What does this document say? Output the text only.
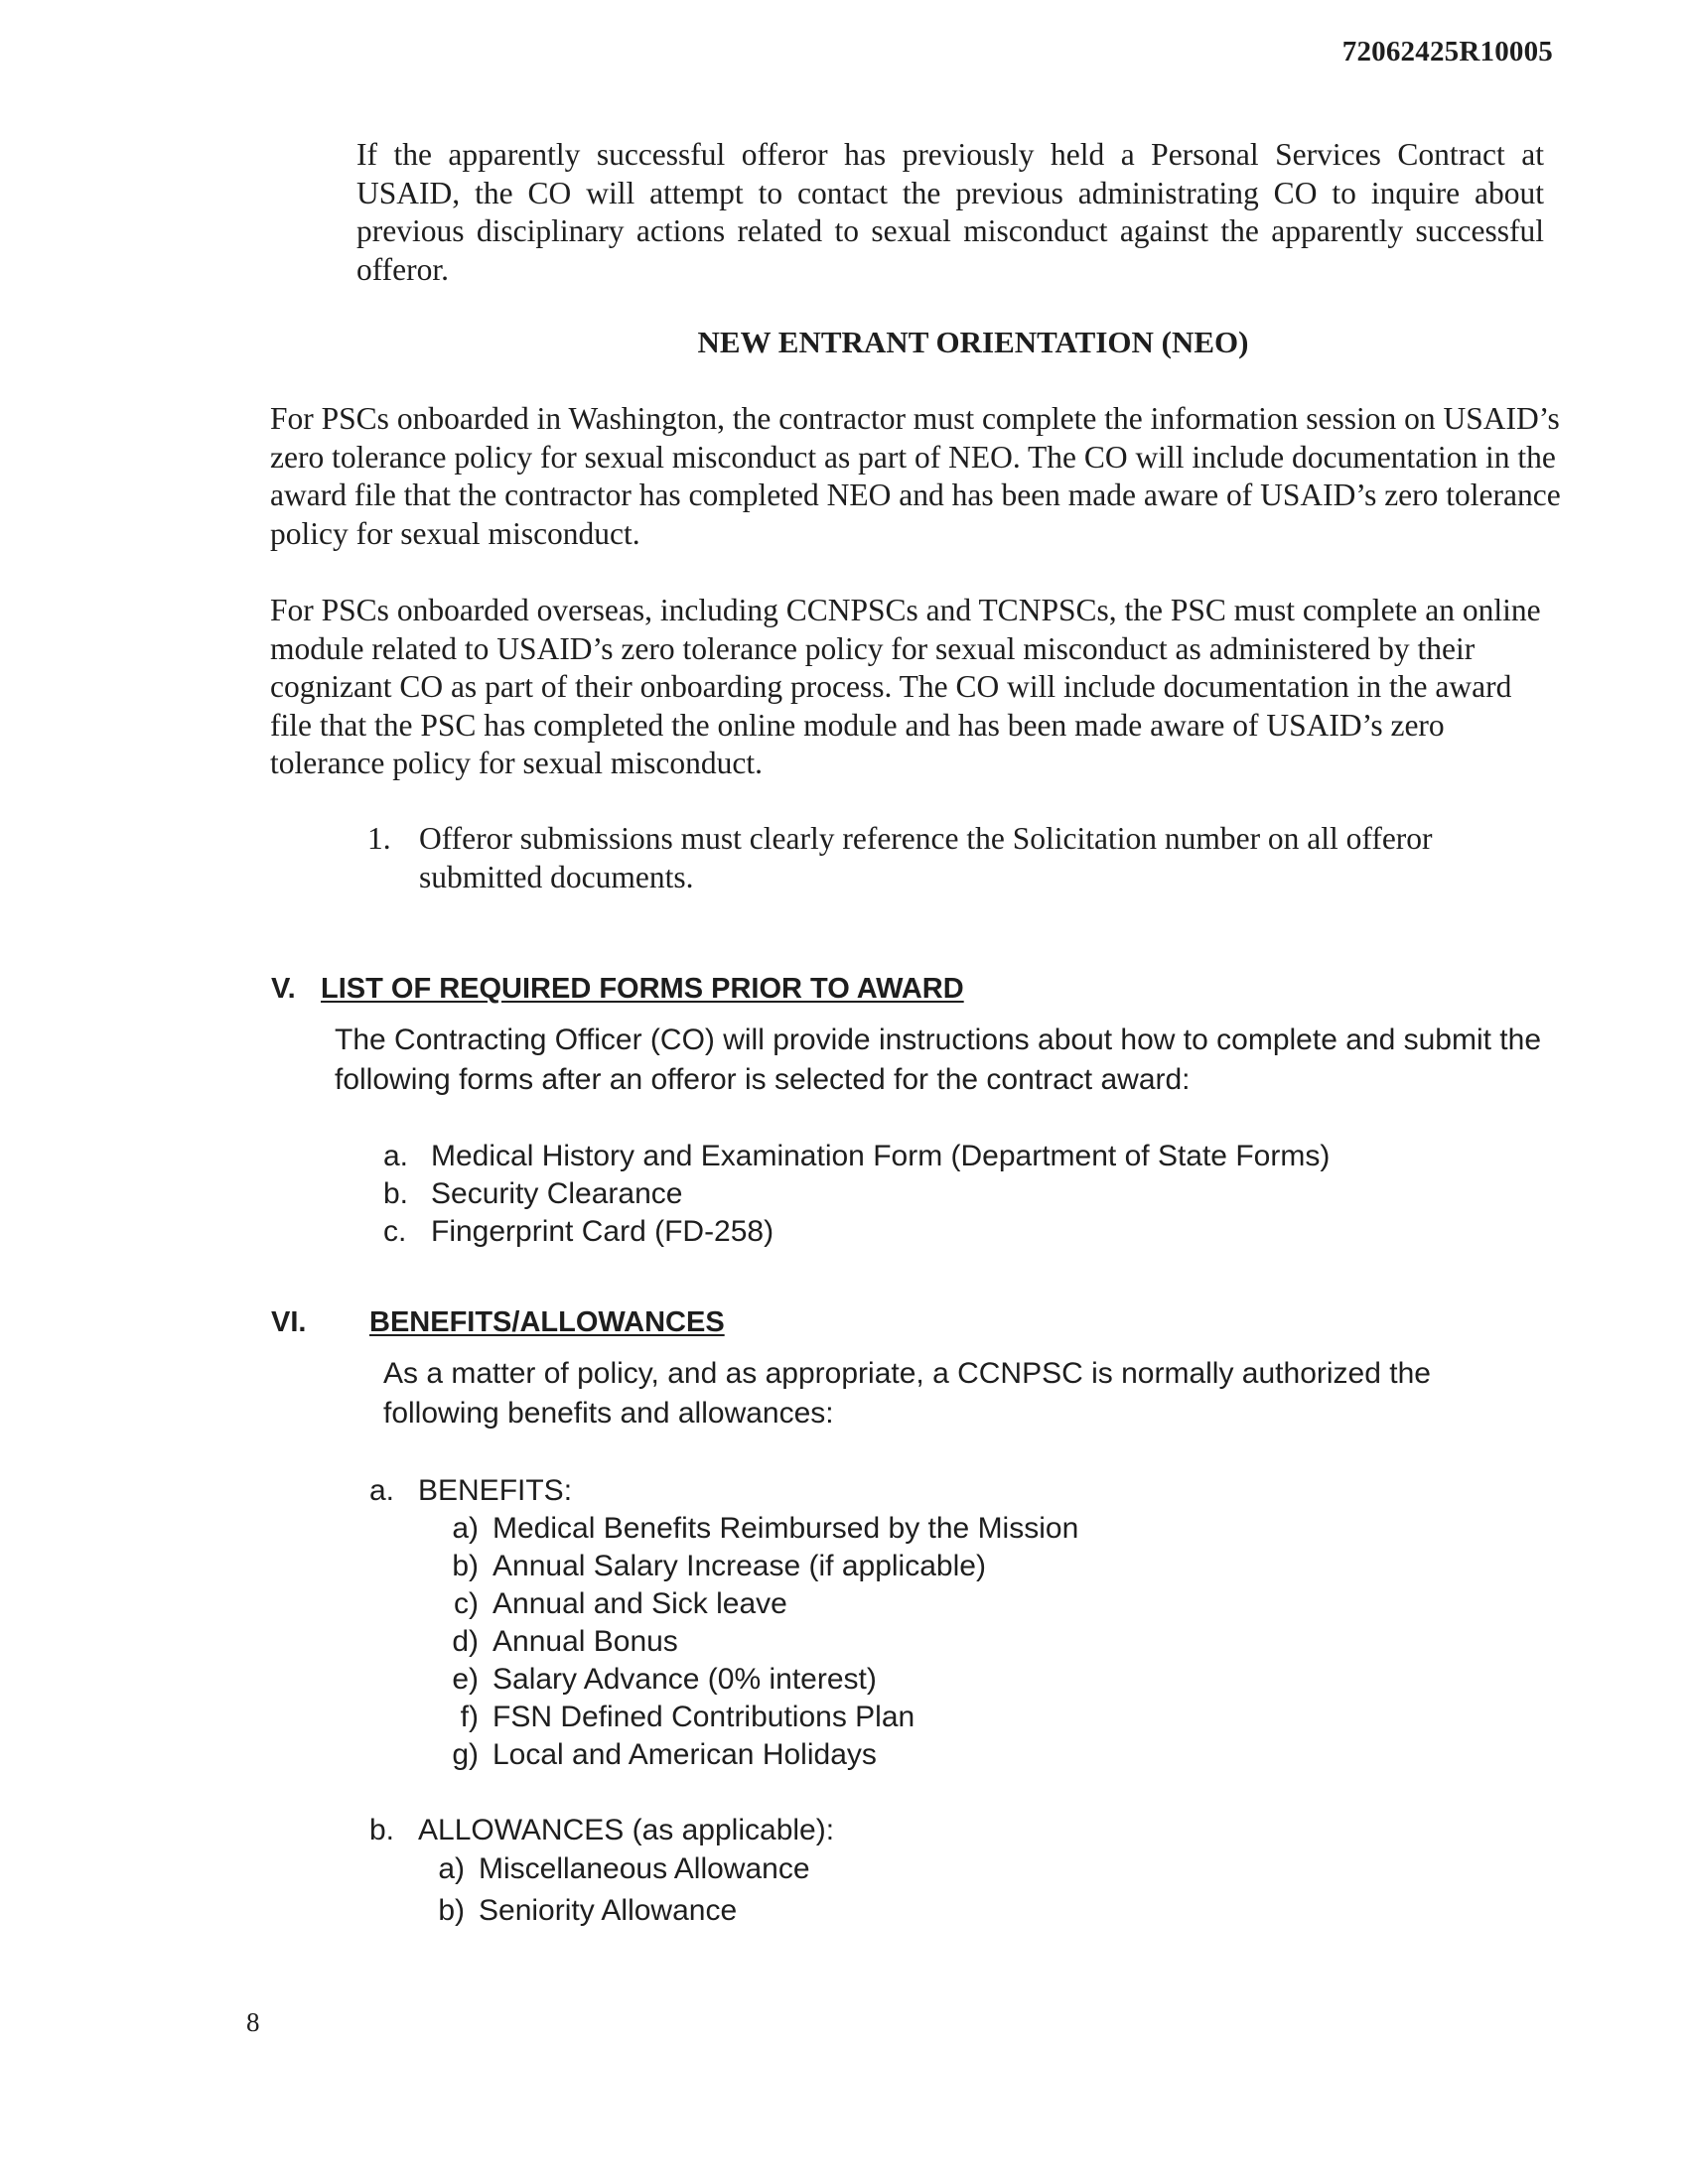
72062425R10005
If the apparently successful offeror has previously held a Personal Services Contract at USAID, the CO will attempt to contact the previous administrating CO to inquire about previous disciplinary actions related to sexual misconduct against the apparently successful offeror.
NEW ENTRANT ORIENTATION (NEO)
For PSCs onboarded in Washington, the contractor must complete the information session on USAID’s zero tolerance policy for sexual misconduct as part of NEO. The CO will include documentation in the award file that the contractor has completed NEO and has been made aware of USAID’s zero tolerance policy for sexual misconduct.
For PSCs onboarded overseas, including CCNPSCs and TCNPSCs, the PSC must complete an online module related to USAID’s zero tolerance policy for sexual misconduct as administered by their cognizant CO as part of their onboarding process. The CO will include documentation in the award file that the PSC has completed the online module and has been made aware of USAID’s zero tolerance policy for sexual misconduct.
1. Offeror submissions must clearly reference the Solicitation number on all offeror submitted documents.
V. LIST OF REQUIRED FORMS PRIOR TO AWARD
The Contracting Officer (CO) will provide instructions about how to complete and submit the following forms after an offeror is selected for the contract award:
a. Medical History and Examination Form (Department of State Forms)
b. Security Clearance
c. Fingerprint Card (FD-258)
VI. BENEFITS/ALLOWANCES
As a matter of policy, and as appropriate, a CCNPSC is normally authorized the following benefits and allowances:
a. BENEFITS:
a) Medical Benefits Reimbursed by the Mission
b) Annual Salary Increase (if applicable)
c) Annual and Sick leave
d) Annual Bonus
e) Salary Advance (0% interest)
f) FSN Defined Contributions Plan
g) Local and American Holidays
b. ALLOWANCES (as applicable):
a) Miscellaneous Allowance
b) Seniority Allowance
8
